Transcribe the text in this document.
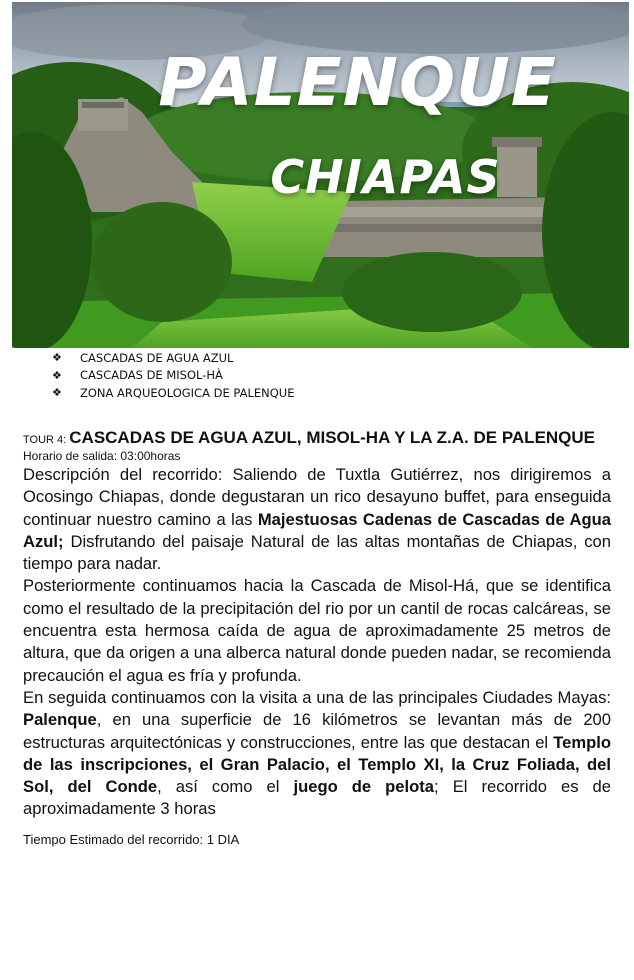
PALENQUE
CHIAPAS
❖	CASCADAS DE AGUA AZUL
❖	CASCADAS DE MISOL-HÀ
❖	ZONA ARQUEOLOGICA DE PALENQUE
TOUR 4: CASCADAS DE AGUA AZUL, MISOL-HA Y LA Z.A. DE PALENQUE
Horario de salida: 03:00horas

Descripción del recorrido: Saliendo de Tuxtla Gutiérrez, nos dirigiremos a Ocosingo Chiapas, donde degustaran un rico desayuno buffet, para enseguida continuar nuestro camino a las Majestuosas Cadenas de Cascadas de Agua Azul; Disfrutando del paisaje Natural de las altas montañas de Chiapas, con tiempo para nadar.

Posteriormente continuamos hacia la Cascada de Misol-Há, que se identifica como el resultado de la precipitación del rio por un cantil de rocas calcáreas, se encuentra esta hermosa caída de agua de aproximadamente 25 metros de altura, que da origen a una alberca natural donde pueden nadar, se recomienda precaución el agua es fría y profunda.

En seguida continuamos con la visita a una de las principales Ciudades Mayas: Palenque, en una superficie de 16 kilómetros se levantan más de 200 estructuras arquitectónicas y construcciones, entre las que destacan el Templo de las inscripciones, el Gran Palacio, el Templo XI, la Cruz Foliada, del Sol, del Conde, así como el juego de pelota; El recorrido es de aproximadamente 3 horas

Tiempo Estimado del recorrido: 1 DIA
